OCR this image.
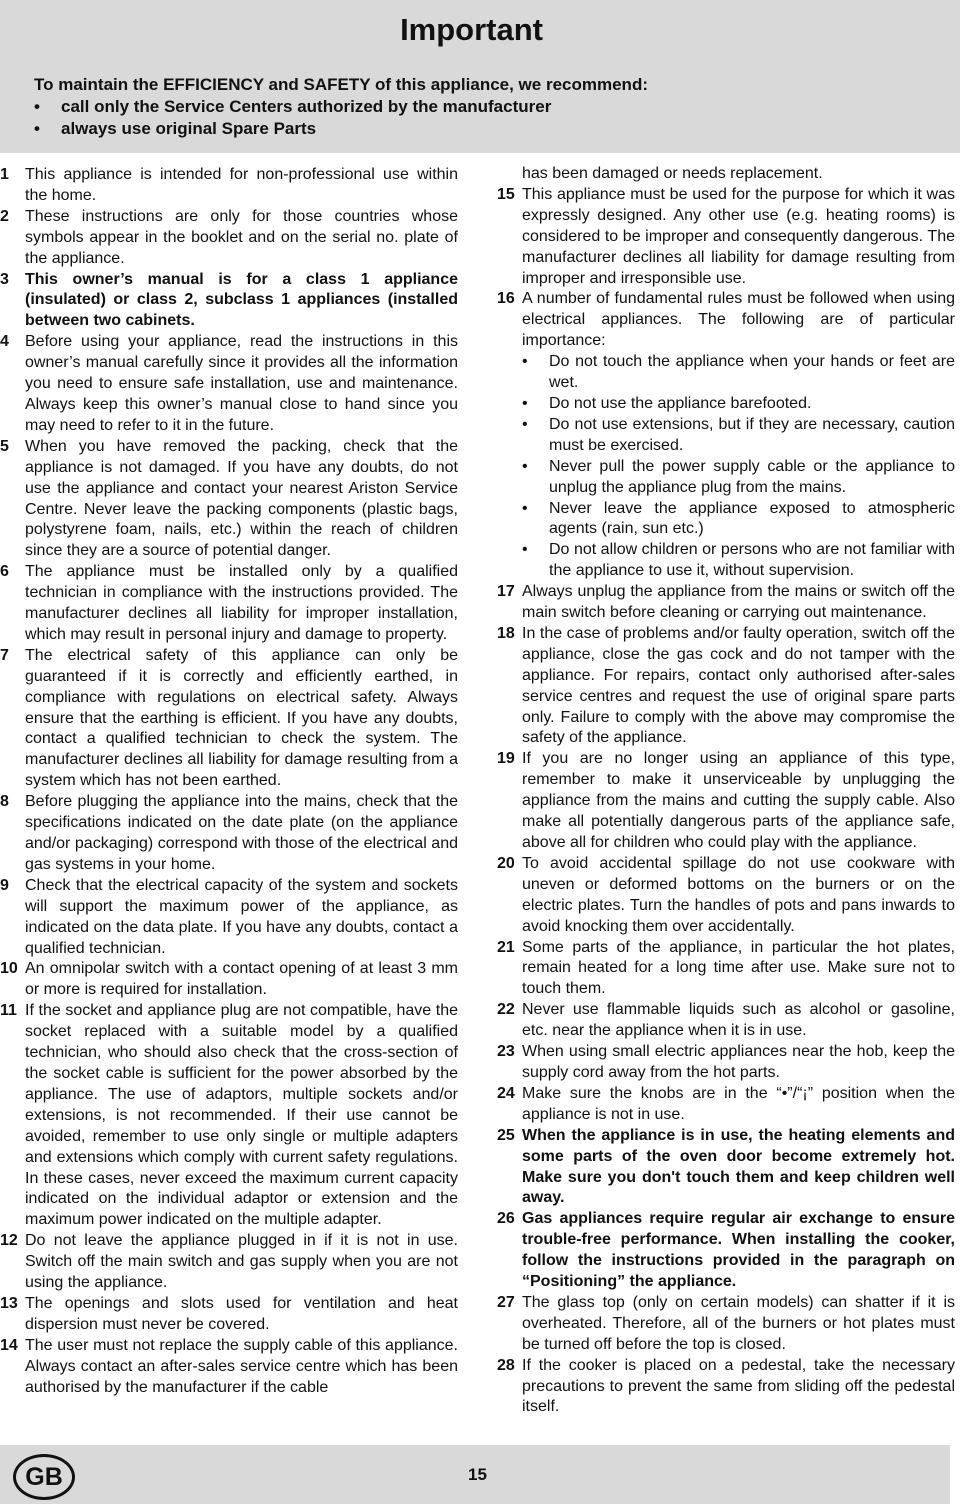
Important
To maintain the EFFICIENCY and SAFETY of this appliance, we recommend:
• call only the Service Centers authorized by the manufacturer
• always use original Spare Parts

1 This appliance is intended for non-professional use within the home.

2 These instructions are only for those countries whose symbols appear in the booklet and on the serial no. plate of the appliance.

3 This owner’s manual is for a class 1 appliance (insulated) or class 2, subclass 1 appliances (installed between two cabinets.

4 Before using your appliance, read the instructions in this owner’s manual carefully since it provides all the information you need to ensure safe installation, use and maintenance. Always keep this owner’s manual close to hand since you may need to refer to it in the future.

5 When you have removed the packing, check that the appliance is not damaged. If you have any doubts, do not use the appliance and contact your nearest Ariston Service Centre. Never leave the packing components (plastic bags, polystyrene foam, nails, etc.) within the reach of children since they are a source of potential danger.

6 The appliance must be installed only by a qualified technician in compliance with the instructions provided. The manufacturer declines all liability for improper installation, which may result in personal injury and damage to property.

7 The electrical safety of this appliance can only be guaranteed if it is correctly and efficiently earthed, in compliance with regulations on electrical safety. Always ensure that the earthing is efficient. If you have any doubts, contact a qualified technician to check the system. The manufacturer declines all liability for damage resulting from a system which has not been earthed.

8 Before plugging the appliance into the mains, check that the specifications indicated on the date plate (on the appliance and/or packaging) correspond with those of the electrical and gas systems in your home.

9 Check that the electrical capacity of the system and sockets will support the maximum power of the appliance, as indicated on the data plate. If you have any doubts, contact a qualified technician.

10 An omnipolar switch with a contact opening of at least 3 mm or more is required for installation.

11 If the socket and appliance plug are not compatible, have the socket replaced with a suitable model by a qualified technician, who should also check that the cross-section of the socket cable is sufficient for the power absorbed by the appliance. The use of adaptors, multiple sockets and/or extensions, is not recommended. If their use cannot be avoided, remember to use only single or multiple adapters and extensions which comply with current safety regulations. In these cases, never exceed the maximum current capacity indicated on the individual adaptor or extension and the maximum power indicated on the multiple adapter.

12 Do not leave the appliance plugged in if it is not in use. Switch off the main switch and gas supply when you are not using the appliance.

13 The openings and slots used for ventilation and heat dispersion must never be covered.

14 The user must not replace the supply cable of this appliance. Always contact an after-sales service centre which has been authorised by the manufacturer if the cable

has been damaged or needs replacement.

15 This appliance must be used for the purpose for which it was expressly designed. Any other use (e.g. heating rooms) is considered to be improper and consequently dangerous. The manufacturer declines all liability for damage resulting from improper and irresponsible use.

16 A number of fundamental rules must be followed when using electrical appliances. The following are of particular importance:

• Do not touch the appliance when your hands or feet are wet.
• Do not use the appliance barefooted.
• Do not use extensions, but if they are necessary, caution must be exercised.
• Never pull the power supply cable or the appliance to unplug the appliance plug from the mains.
• Never leave the appliance exposed to atmospheric agents (rain, sun etc.)
• Do not allow children or persons who are not familiar with the appliance to use it, without supervision.

17 Always unplug the appliance from the mains or switch off the main switch before cleaning or carrying out maintenance.

18 In the case of problems and/or faulty operation, switch off the appliance, close the gas cock and do not tamper with the appliance. For repairs, contact only authorised after-sales service centres and request the use of original spare parts only. Failure to comply with the above may compromise the safety of the appliance.

19 If you are no longer using an appliance of this type, remember to make it unserviceable by unplugging the appliance from the mains and cutting the supply cable. Also make all potentially dangerous parts of the appliance safe, above all for children who could play with the appliance.

20 To avoid accidental spillage do not use cookware with uneven or deformed bottoms on the burners or on the electric plates. Turn the handles of pots and pans inwards to avoid knocking them over accidentally.

21 Some parts of the appliance, in particular the hot plates, remain heated for a long time after use. Make sure not to touch them.

22 Never use flammable liquids such as alcohol or gasoline, etc. near the appliance when it is in use.

23 When using small electric appliances near the hob, keep the supply cord away from the hot parts.

24 Make sure the knobs are in the “•”/“¡” position when the appliance is not in use.

25 When the appliance is in use, the heating elements and some parts of the oven door become extremely hot. Make sure you don't touch them and keep children well away.

26 Gas appliances require regular air exchange to ensure trouble-free performance. When installing the cooker, follow the instructions provided in the paragraph on “Positioning” the appliance.

27 The glass top (only on certain models) can shatter if it is overheated. Therefore, all of the burners or hot plates must be turned off before the top is closed.

28 If the cooker is placed on a pedestal, take the necessary precautions to prevent the same from sliding off the pedestal itself.

GB	15
